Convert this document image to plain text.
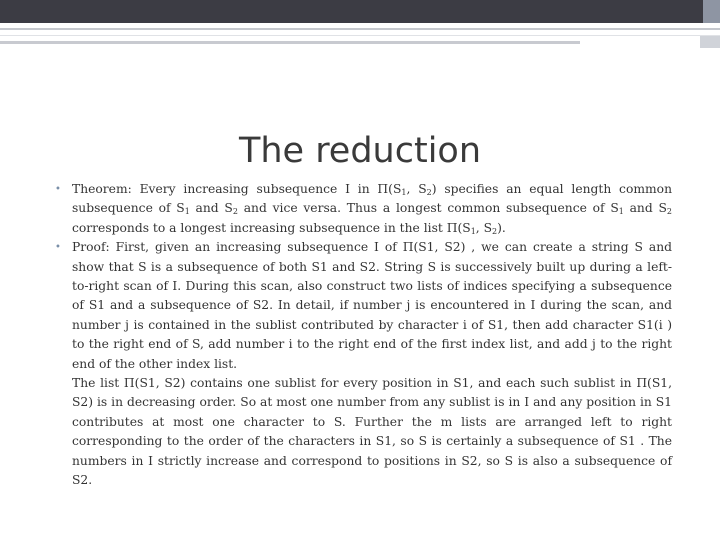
The reduction

• Theorem: Every increasing subsequence I in $\Pi(S_1$, $S_2$) specifies an equal length common subsequence of $S_1$ and $S_2$ and vice versa. Thus a longest common subsequence of $S_1$ and $S_2$ corresponds to a longest increasing subsequence in the list $\Pi(S_1$, $S_2$).

• Proof: First, given an increasing subsequence I of Π(S1, S2) , we can create a string S and show that S is a subsequence of both S1 and S2. String S is successively built up during a left-to-right scan of I. During this scan, also construct two lists of indices specifying a subsequence of S1 and a subsequence of S2. In detail, if number j is encountered in I during the scan, and number j is contained in the sublist contributed by character i of S1, then add character S1(i ) to the right end of S, add number i to the right end of the first index list, and add j to the right end of the other index list.

The list Π(S1, S2) contains one sublist for every position in S1, and each such sublist in Π(S1, S2) is in decreasing order. So at most one number from any sublist is in I and any position in S1 contributes at most one character to S. Further the m lists are arranged left to right corresponding to the order of the characters in S1, so S is certainly a subsequence of S1 . The numbers in I strictly increase and correspond to positions in S2, so S is also a subsequence of S2.
